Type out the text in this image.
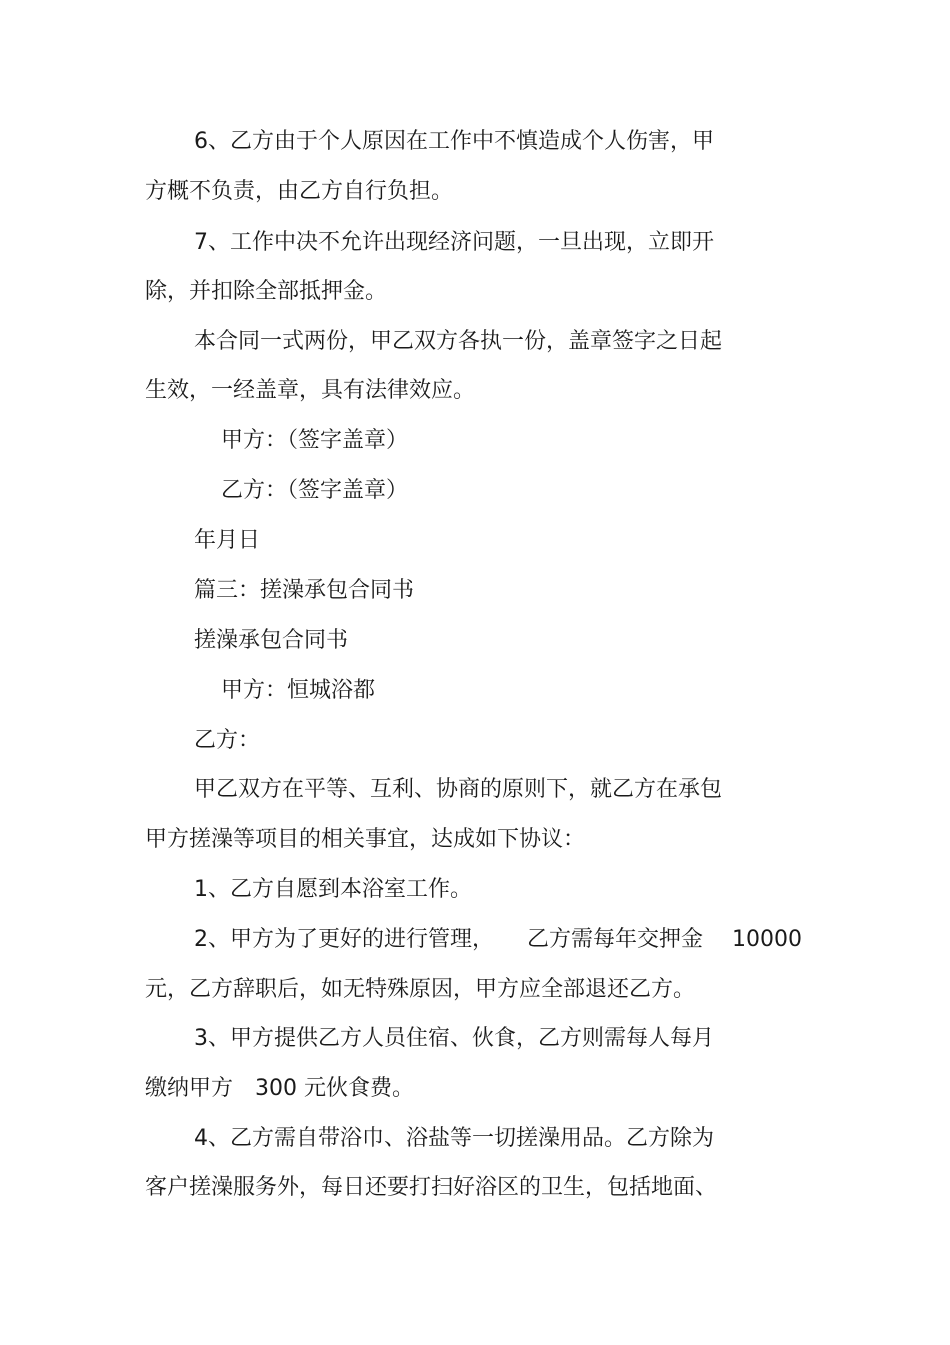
6、乙方由于个人原因在工作中不慎造成个人伤害，甲
方概不负责，由乙方自行负担。
7、工作中决不允许出现经济问题，一旦出现，立即开
除，并扣除全部抵押金。
本合同一式两份，甲乙双方各执一份，盖章签字之日起
生效，一经盖章，具有法律效应。
甲方：（签字盖章）
乙方：（签字盖章）
年月日
篇三：搓澡承包合同书
搓澡承包合同书
甲方：恒城浴都
乙方：
甲乙双方在平等、互利、协商的原则下，就乙方在承包
甲方搓澡等项目的相关事宜，达成如下协议：
1、乙方自愿到本浴室工作。
2、甲方为了更好的进行管理，　　乙方需每年交押金　 10000
元，乙方辞职后，如无特殊原因，甲方应全部退还乙方。
3、甲方提供乙方人员住宿、伙食，乙方则需每人每月
缴纳甲方　300 元伙食费。
4、乙方需自带浴巾、浴盐等一切搓澡用品。乙方除为
客户搓澡服务外，每日还要打扫好浴区的卫生，包括地面、
